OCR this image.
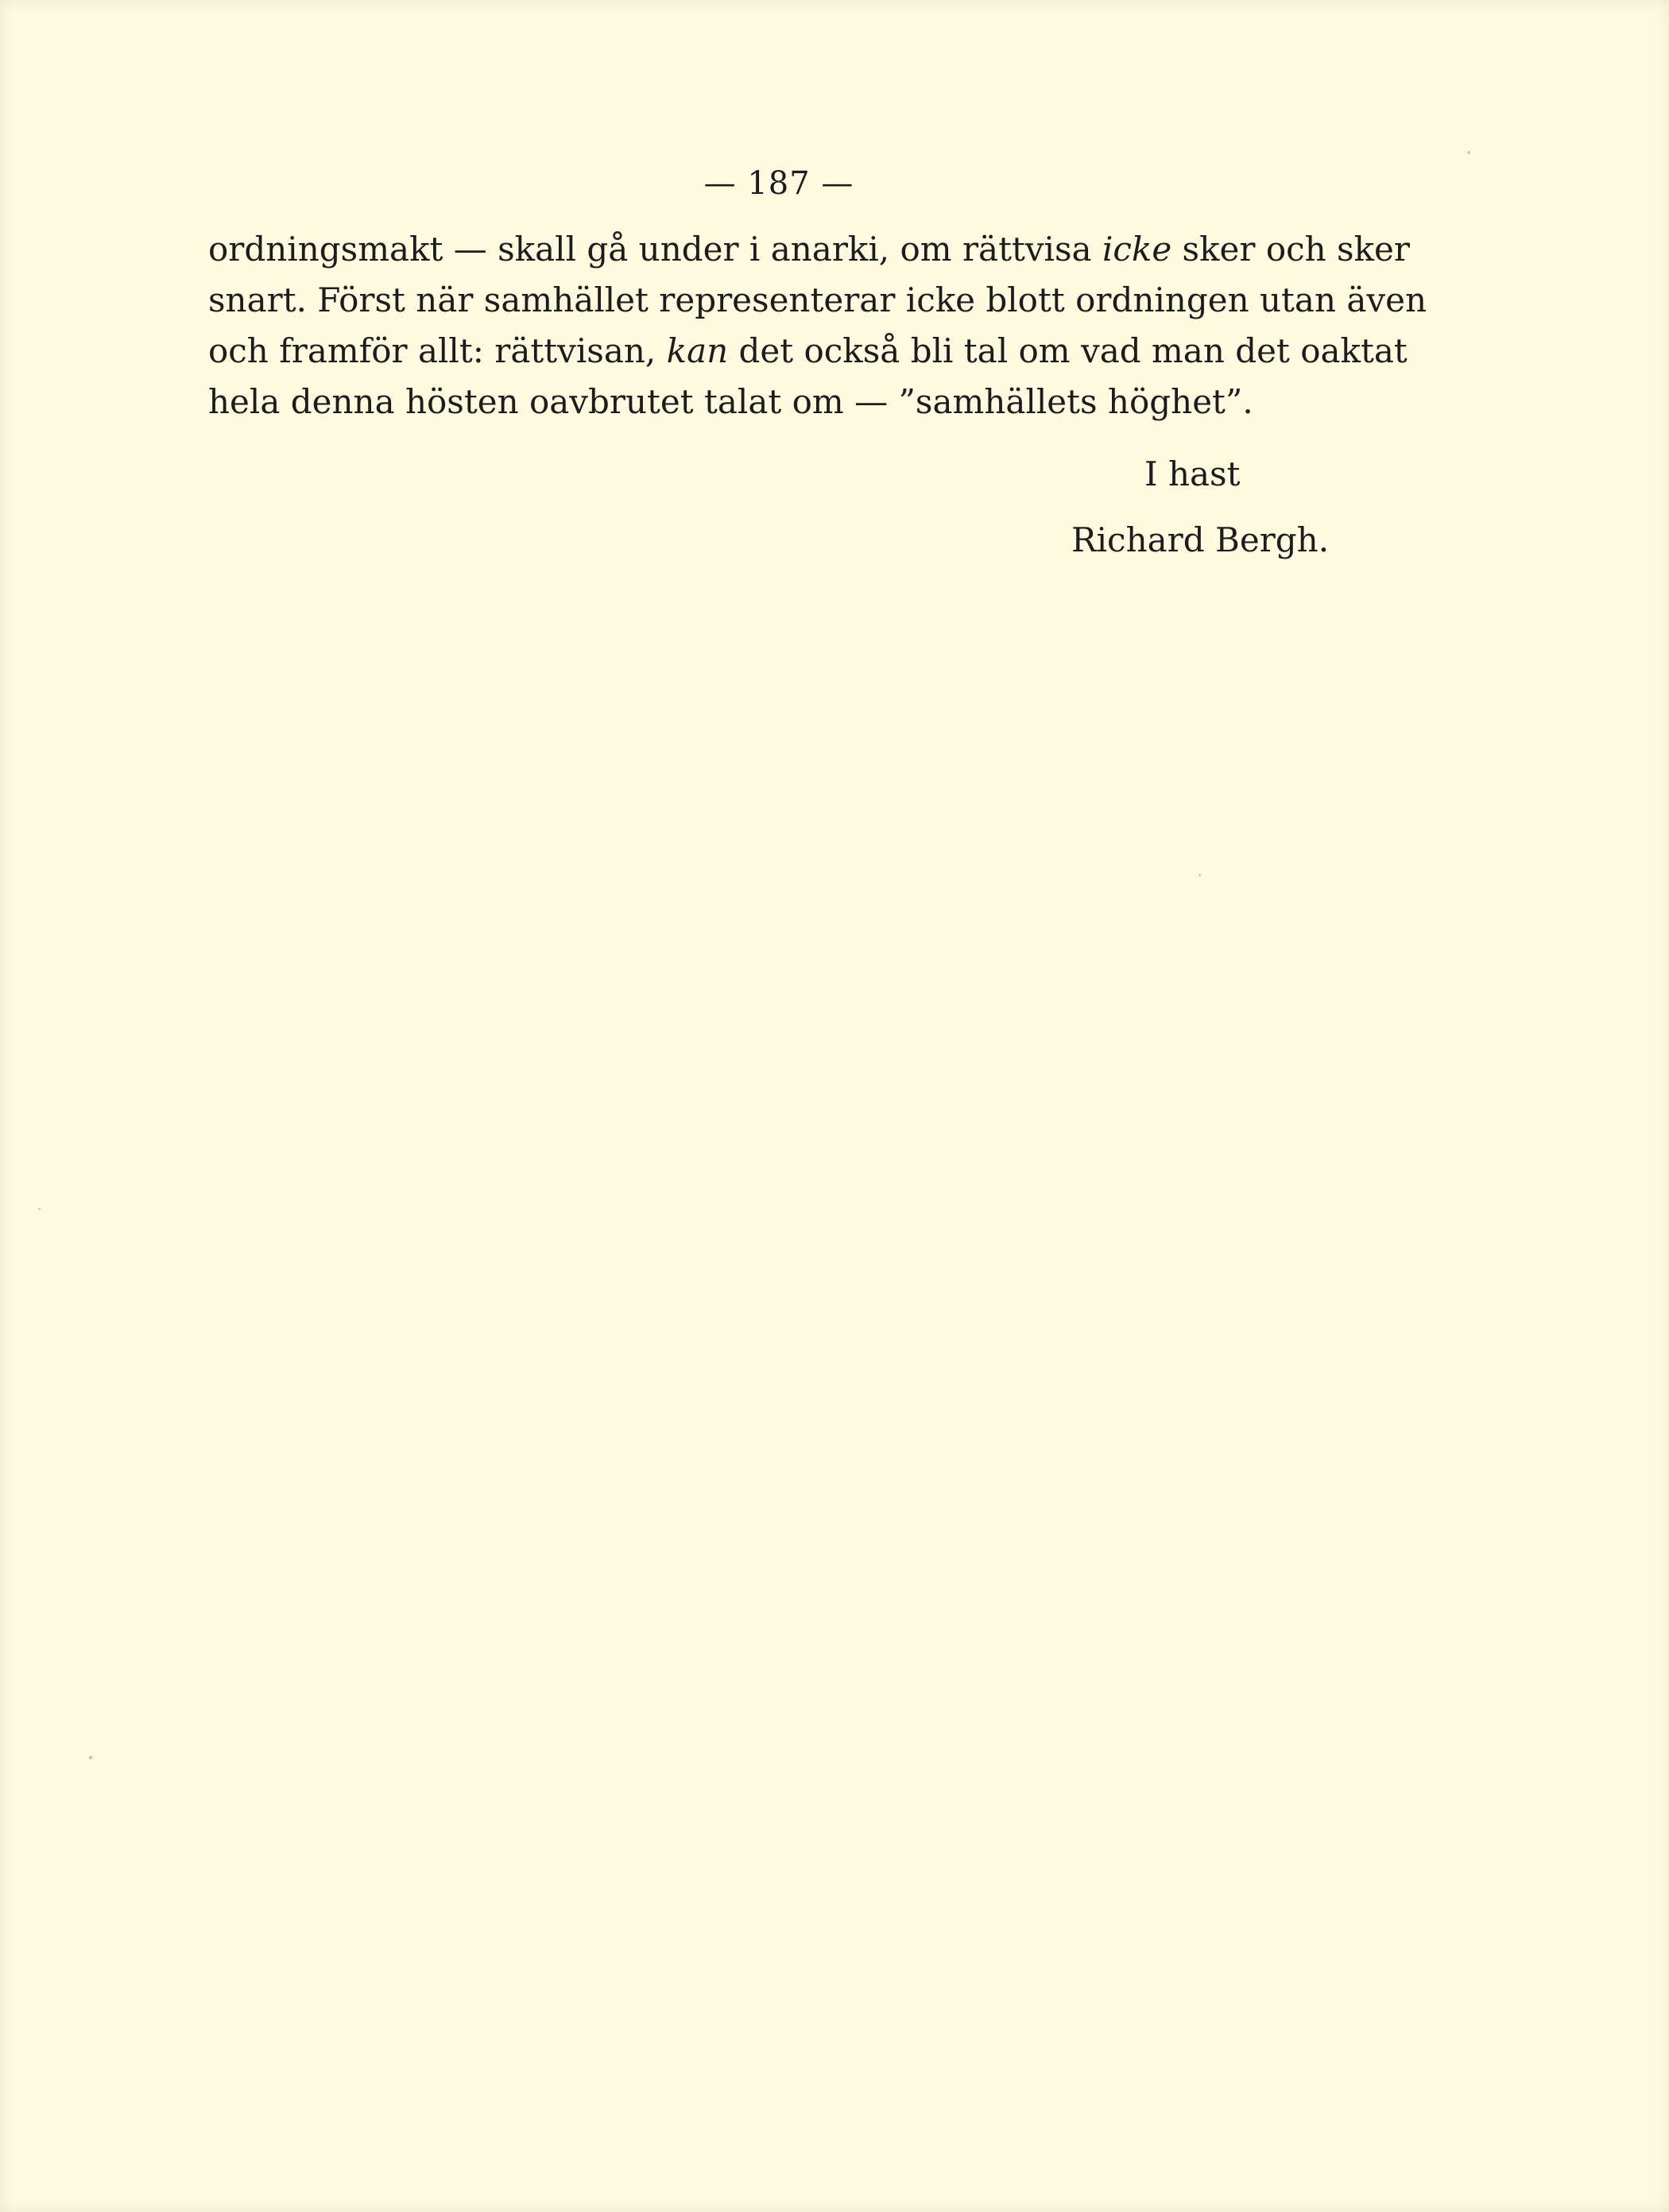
— 187 —
ordningsmakt — skall gå under i anarki, om rättvisa icke sker och sker
snart. Först när samhället representerar icke blott ordningen utan även
och framför allt: rättvisan, kan det också bli tal om vad man det oaktat
hela denna hösten oavbrutet talat om — ”samhällets höghet”.
I hast
Richard Bergh.
